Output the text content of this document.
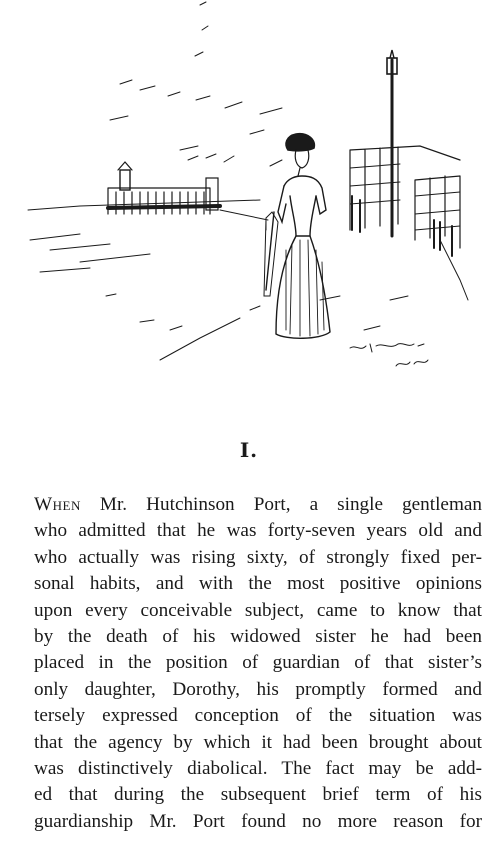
I.
When Mr. Hutchinson Port, a single gentleman
who admitted that he was forty-seven years old and
who actually was rising sixty, of strongly fixed per-
sonal habits, and with the most positive opinions
upon every conceivable subject, came to know that
by the death of his widowed sister he had been
placed in the position of guardian of that sister’s
only daughter, Dorothy, his promptly formed and
tersely expressed conception of the situation was
that the agency by which it had been brought about
was distinctively diabolical. The fact may be add-
ed that during the subsequent brief term of his
guardianship Mr. Port found no more reason for
